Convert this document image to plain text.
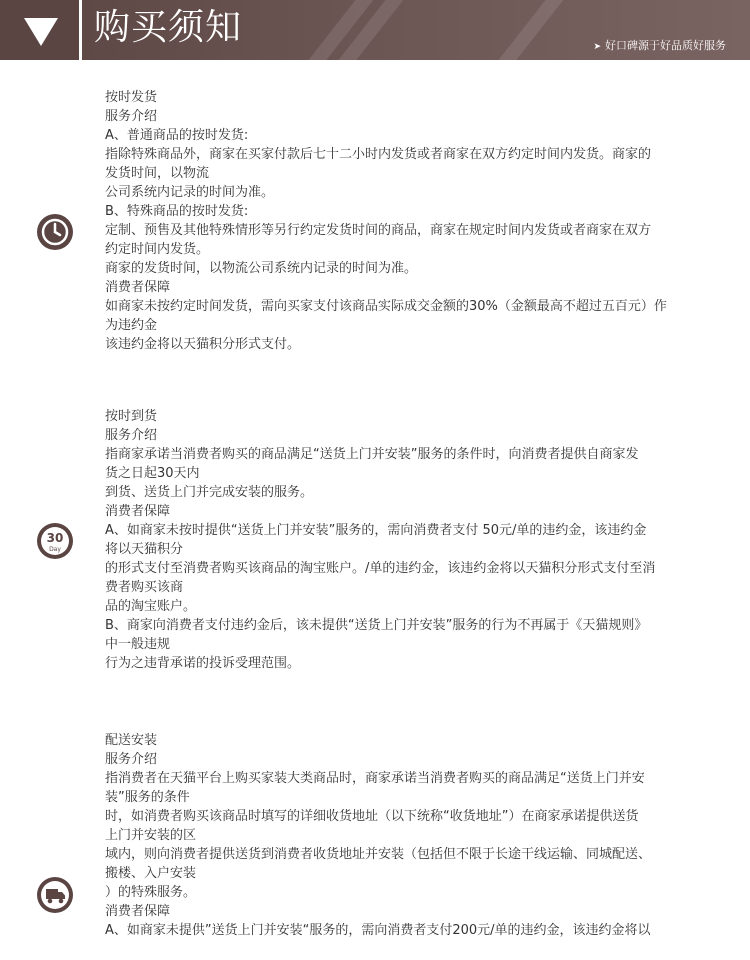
购买须知	➤ 好口碑源于好品质好服务
按时发货
服务介绍
A、普通商品的按时发货:
指除特殊商品外，商家在买家付款后七十二小时内发货或者商家在双方约定时间内发货。商家的
发货时间，以物流
公司系统内记录的时间为准。
B、特殊商品的按时发货:
定制、预售及其他特殊情形等另行约定发货时间的商品，商家在规定时间内发货或者商家在双方
约定时间内发货。
商家的发货时间，以物流公司系统内记录的时间为准。
消费者保障
如商家未按约定时间发货，需向买家支付该商品实际成交金额的30%（金额最高不超过五百元）作
为违约金
该违约金将以天猫积分形式支付。
30
Day
按时到货
服务介绍
指商家承诺当消费者购买的商品满足“送货上门并安装”服务的条件时，向消费者提供自商家发
货之日起30天内
到货、送货上门并完成安装的服务。
消费者保障
A、如商家未按时提供“送货上门并安装”服务的，需向消费者支付 50元/单的违约金，该违约金
将以天猫积分
的形式支付至消费者购买该商品的淘宝账户。/单的违约金，该违约金将以天猫积分形式支付至消
费者购买该商
品的淘宝账户。
B、商家向消费者支付违约金后，该未提供“送货上门并安装”服务的行为不再属于《天猫规则》
中一般违规
行为之违背承诺的投诉受理范围。
配送安装
服务介绍
指消费者在天猫平台上购买家装大类商品时，商家承诺当消费者购买的商品满足“送货上门并安
装”服务的条件
时，如消费者购买该商品时填写的详细收货地址（以下统称“收货地址”）在商家承诺提供送货
上门并安装的区
域内，则向消费者提供送货到消费者收货地址并安装（包括但不限于长途干线运输、同城配送、
搬楼、入户安装
）的特殊服务。
消费者保障
A、如商家未提供”送货上门并安装“服务的，需向消费者支付200元/单的违约金，该违约金将以
